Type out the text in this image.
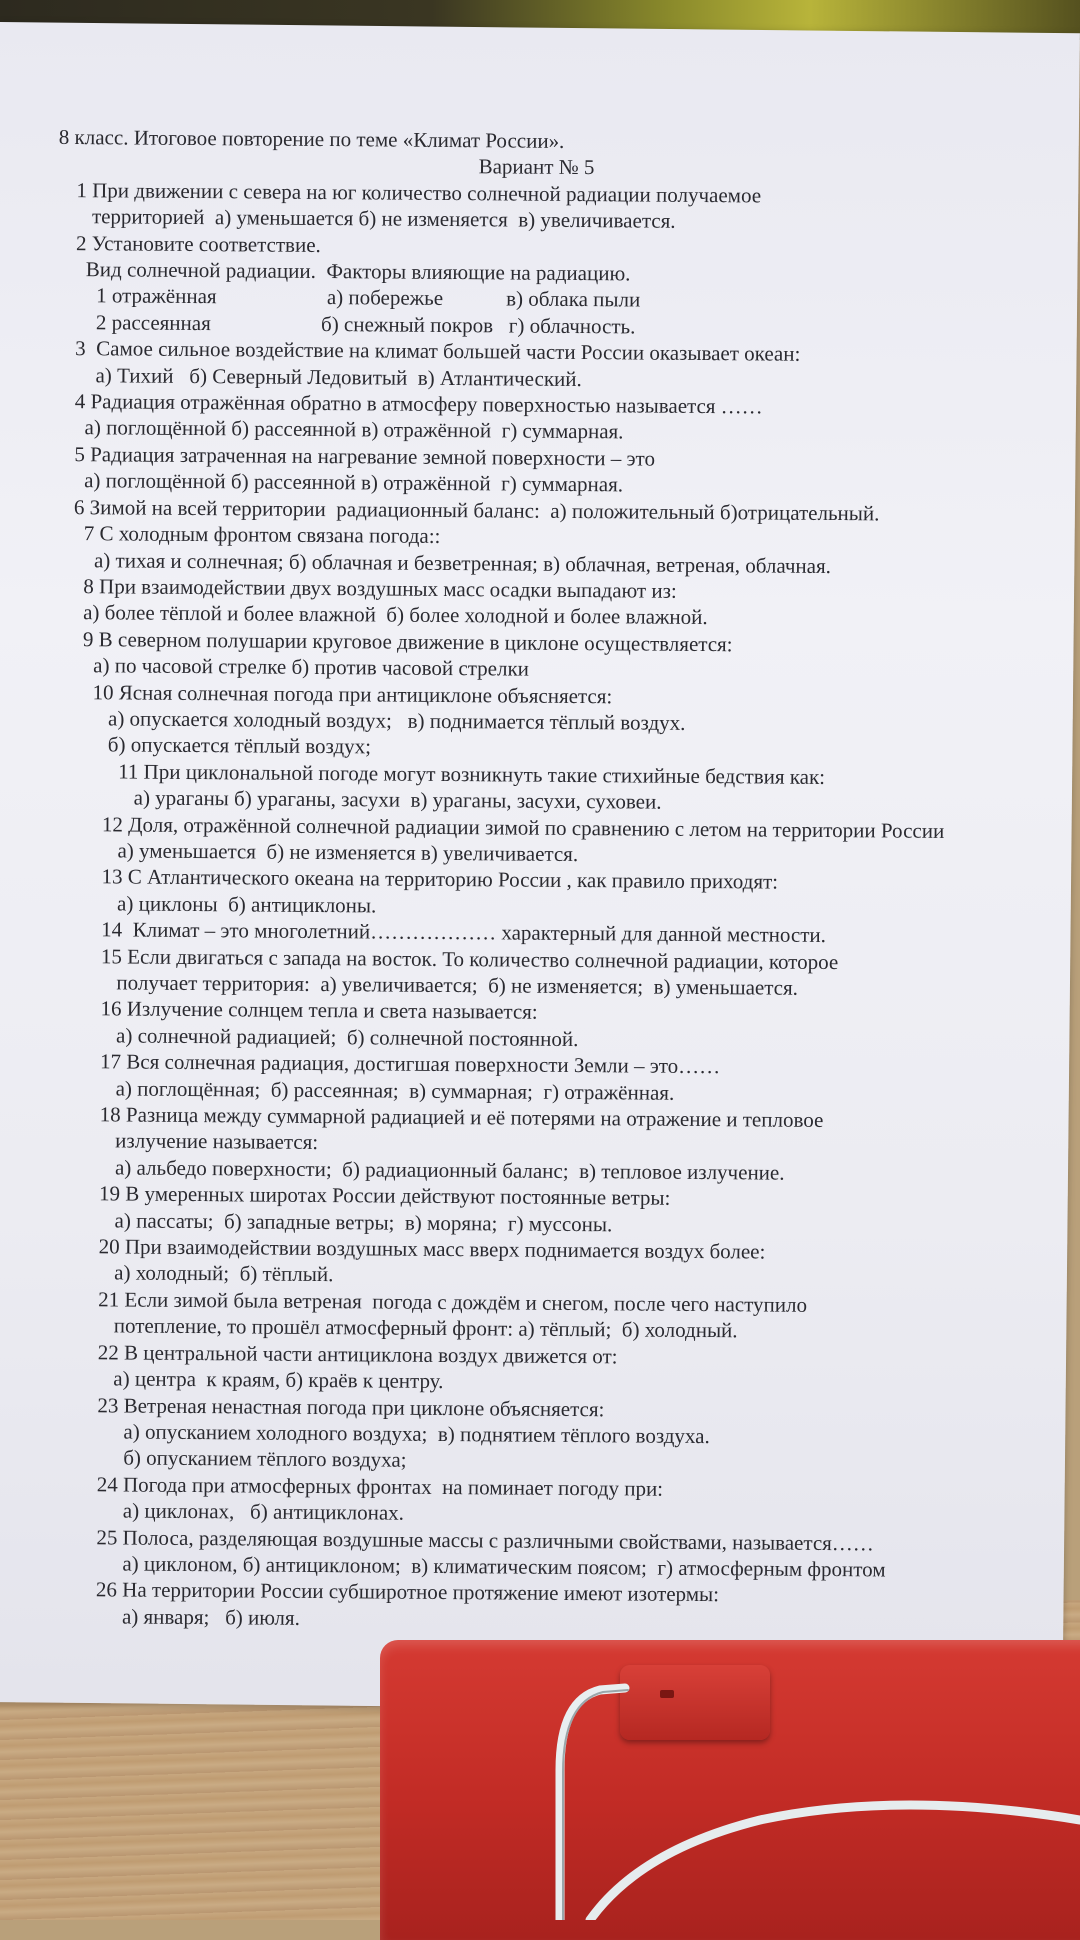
8 класс. Итоговое повторение по теме «Климат России».
Вариант № 5
1 При движении с севера на юг количество солнечной радиации получаемое
территорией  а) уменьшается б) не изменяется  в) увеличивается.
2 Установите соответствие.
Вид солнечной радиации.  Факторы влияющие на радиацию.
1 отражённая                     а) побережье            в) облака пыли
2 рассеянная                     б) снежный покров   г) облачность.
3  Самое сильное воздействие на климат большей части России оказывает океан:
а) Тихий   б) Северный Ледовитый  в) Атлантический.
4 Радиация отражённая обратно в атмосферу поверхностью называется ……
а) поглощённой б) рассеянной в) отражённой  г) суммарная.
5 Радиация затраченная на нагревание земной поверхности – это
а) поглощённой б) рассеянной в) отражённой  г) суммарная.
6 Зимой на всей территории  радиационный баланс:  а) положительный б)отрицательный.
7 С холодным фронтом связана погода::
а) тихая и солнечная; б) облачная и безветренная; в) облачная, ветреная, облачная.
8 При взаимодействии двух воздушных масс осадки выпадают из:
а) более тёплой и более влажной  б) более холодной и более влажной.
9 В северном полушарии круговое движение в циклоне осуществляется:
а) по часовой стрелке б) против часовой стрелки
10 Ясная солнечная погода при антициклоне объясняется:
а) опускается холодный воздух;   в) поднимается тёплый воздух.
б) опускается тёплый воздух;
11 При циклональной погоде могут возникнуть такие стихийные бедствия как:
а) ураганы б) ураганы, засухи  в) ураганы, засухи, суховеи.
12 Доля, отражённой солнечной радиации зимой по сравнению с летом на территории России
а) уменьшается  б) не изменяется в) увеличивается.
13 С Атлантического океана на территорию России , как правило приходят:
а) циклоны  б) антициклоны.
14  Климат – это многолетний……………… характерный для данной местности.
15 Если двигаться с запада на восток. То количество солнечной радиации, которое
получает территория:  а) увеличивается;  б) не изменяется;  в) уменьшается.
16 Излучение солнцем тепла и света называется:
а) солнечной радиацией;  б) солнечной постоянной.
17 Вся солнечная радиация, достигшая поверхности Земли – это……
а) поглощённая;  б) рассеянная;  в) суммарная;  г) отражённая.
18 Разница между суммарной радиацией и её потерями на отражение и тепловое
излучение называется:
а) альбедо поверхности;  б) радиационный баланс;  в) тепловое излучение.
19 В умеренных широтах России действуют постоянные ветры:
а) пассаты;  б) западные ветры;  в) моряна;  г) муссоны.
20 При взаимодействии воздушных масс вверх поднимается воздух более:
а) холодный;  б) тёплый.
21 Если зимой была ветреная  погода с дождём и снегом, после чего наступило
потепление, то прошёл атмосферный фронт: а) тёплый;  б) холодный.
22 В центральной части антициклона воздух движется от:
а) центра  к краям, б) краёв к центру.
23 Ветреная ненастная погода при циклоне объясняется:
а) опусканием холодного воздуха;  в) поднятием тёплого воздуха.
б) опусканием тёплого воздуха;
24 Погода при атмосферных фронтах  на поминает погоду при:
а) циклонах,   б) антициклонах.
25 Полоса, разделяющая воздушные массы с различными свойствами, называется……
а) циклоном, б) антициклоном;  в) климатическим поясом;  г) атмосферным фронтом
26 На территории России субширотное протяжение имеют изотермы:
а) января;   б) июля.
